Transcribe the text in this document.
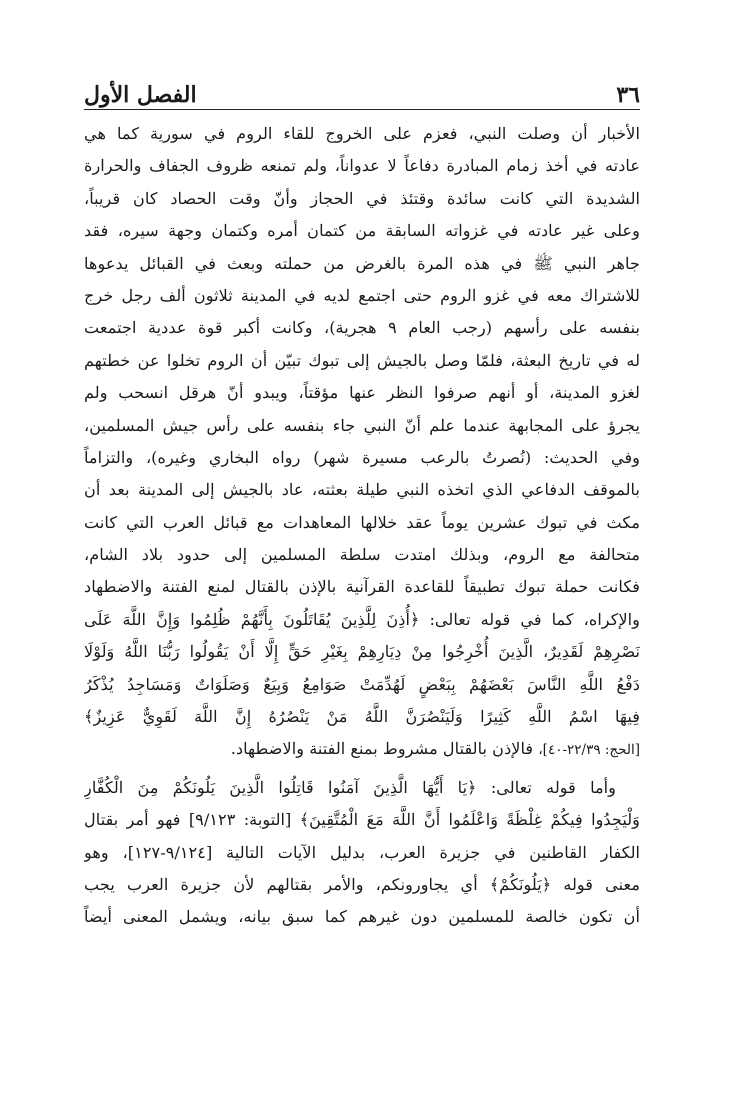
٣٦
الفصل الأول
الأخبار أن وصلت النبي، فعزم على الخروج للقاء الروم في سورية كما هي
عادته في أخذ زمام المبادرة دفاعاً لا عدواناً، ولم تمنعه ظروف الجفاف والحرارة
الشديدة التي كانت سائدة وقتئذ في الحجاز وأنّ وقت الحصاد كان قريباً،
وعلى غير عادته في غزواته السابقة من كتمان أمره وكتمان وجهة سيره، فقد
جاهر النبي ﷺ في هذه المرة بالغرض من حملته وبعث في القبائل يدعوها
للاشتراك معه في غزو الروم حتى اجتمع لديه في المدينة ثلاثون ألف رجل خرج
بنفسه على رأسهم (رجب العام ٩ هجرية)، وكانت أكبر قوة عددية اجتمعت
له في تاريخ البعثة، فلمّا وصل بالجيش إلى تبوك تبيّن أن الروم تخلوا عن خطتهم
لغزو المدينة، أو أنهم صرفوا النظر عنها مؤقتاً، ويبدو أنّ هرقل انسحب ولم
يجرؤ على المجابهة عندما علم أنّ النبي جاء بنفسه على رأس جيش المسلمين،
وفي الحديث: (نُصرتُ بالرعب مسيرة شهر) رواه البخاري وغيره)، والتزاماً
بالموقف الدفاعي الذي اتخذه النبي طيلة بعثته، عاد بالجيش إلى المدينة بعد أن
مكث في تبوك عشرين يوماً عقد خلالها المعاهدات مع قبائل العرب التي كانت
متحالفة مع الروم، وبذلك امتدت سلطة المسلمين إلى حدود بلاد الشام،
فكانت حملة تبوك تطبيقاً للقاعدة القرآنية بالإذن بالقتال لمنع الفتنة والاضطهاد
والإكراه، كما في قوله تعالى: ﴿أُذِنَ لِلَّذِينَ يُقَاتَلُونَ بِأَنَّهُمْ ظُلِمُوا وَإِنَّ اللَّهَ عَلَى
نَصْرِهِمْ لَقَدِيرٌ، الَّذِينَ أُخْرِجُوا مِنْ دِيَارِهِمْ بِغَيْرِ حَقٍّ إِلَّا أَنْ يَقُولُوا رَبُّنَا اللَّهُ وَلَوْلَا
دَفْعُ اللَّهِ النَّاسَ بَعْضَهُمْ بِبَعْضٍ لَهُدِّمَتْ صَوَامِعُ وَبِيَعٌ وَصَلَوَاتٌ وَمَسَاجِدُ يُذْكَرُ
فِيهَا اسْمُ اللَّهِ كَثِيرًا وَلَيَنْصُرَنَّ اللَّهُ مَنْ يَنْصُرُهُ إِنَّ اللَّهَ لَقَوِيٌّ عَزِيزٌ﴾
[الحج: ٢٢/٣٩-٤٠]، فالإذن بالقتال مشروط بمنع الفتنة والاضطهاد.
وأما قوله تعالى: ﴿يَا أَيُّهَا الَّذِينَ آمَنُوا قَاتِلُوا الَّذِينَ يَلُونَكُمْ مِنَ الْكُفَّارِ
وَلْيَجِدُوا فِيكُمْ غِلْظَةً وَاعْلَمُوا أَنَّ اللَّهَ مَعَ الْمُتَّقِينَ﴾ [التوبة: ٩/١٢٣] فهو أمر بقتال
الكفار القاطنين في جزيرة العرب، بدليل الآيات التالية [٩/١٢٤-١٢٧]، وهو
معنى قوله ﴿يَلُونَكُمْ﴾ أي يجاورونكم، والأمر بقتالهم لأن جزيرة العرب يجب
أن تكون خالصة للمسلمين دون غيرهم كما سبق بيانه، ويشمل المعنى أيضاً
